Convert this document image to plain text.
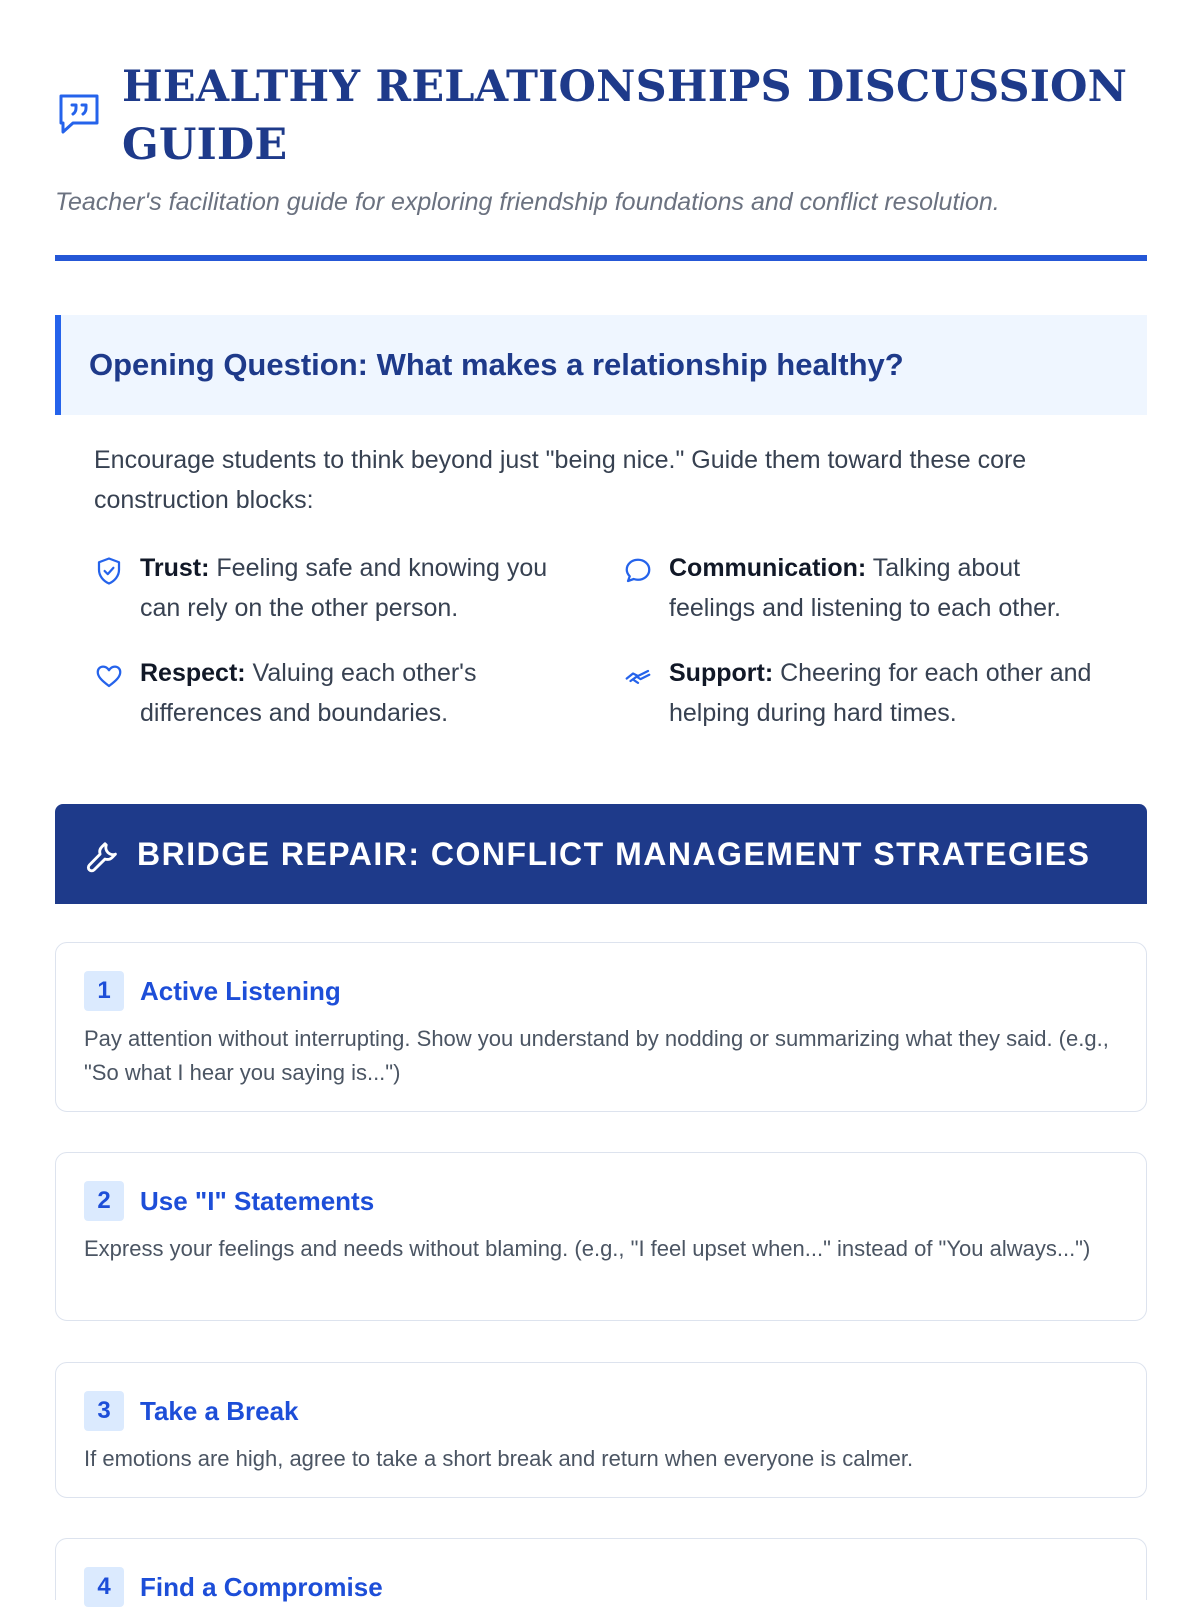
HEALTHY RELATIONSHIPS DISCUSSION GUIDE
Teacher's facilitation guide for exploring friendship foundations and conflict resolution.
Opening Question: What makes a relationship healthy?
Encourage students to think beyond just "being nice." Guide them toward these core construction blocks:
Trust: Feeling safe and knowing you can rely on the other person.
Communication: Talking about feelings and listening to each other.
Respect: Valuing each other's differences and boundaries.
Support: Cheering for each other and helping during hard times.
BRIDGE REPAIR: CONFLICT MANAGEMENT STRATEGIES
1	Active Listening
Pay attention without interrupting. Show you understand by nodding or summarizing what they said. (e.g., "So what I hear you saying is...")
2	Use "I" Statements
Express your feelings and needs without blaming. (e.g., "I feel upset when..." instead of "You always...")
3	Take a Break
If emotions are high, agree to take a short break and return when everyone is calmer.
4	Find a Compromise
